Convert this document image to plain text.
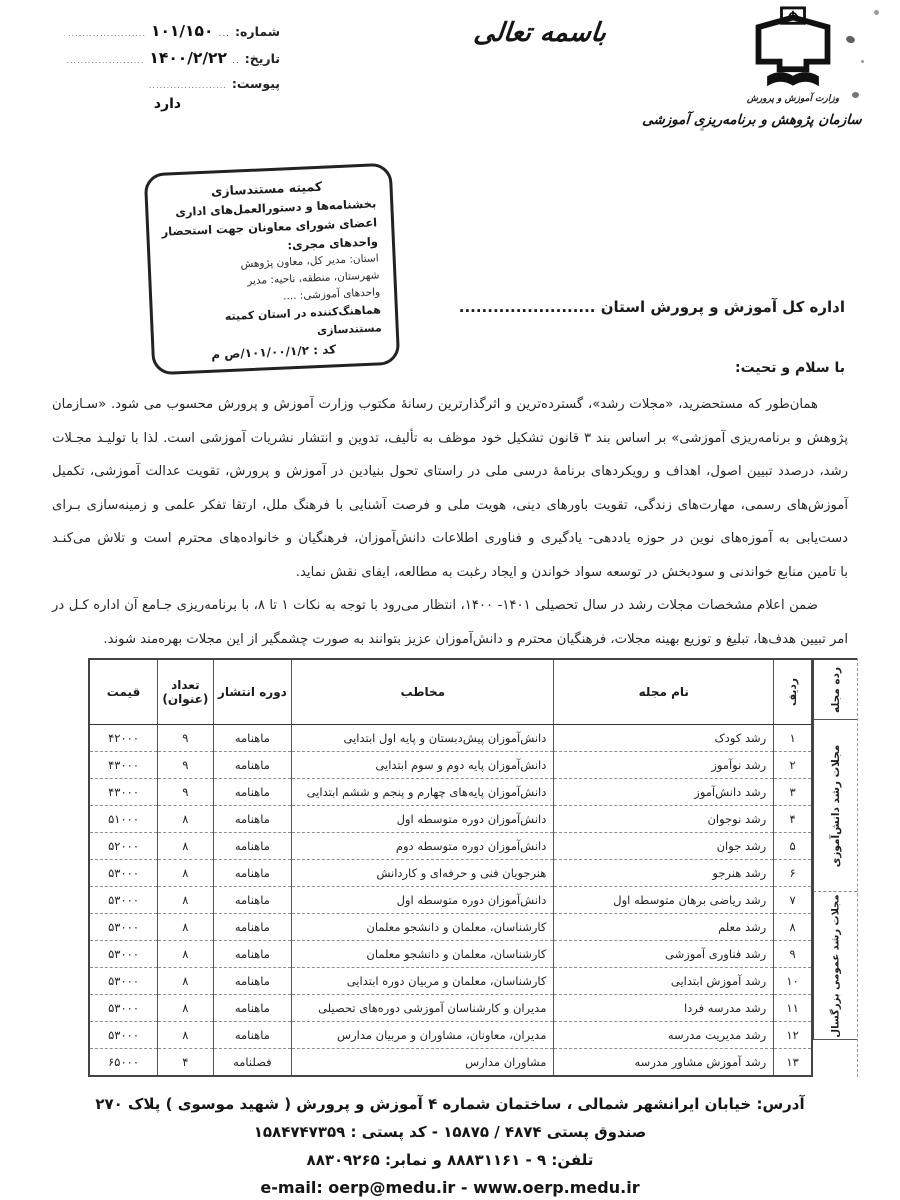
شماره:
...
۱۰۱/۱۵۰
......................
تاریخ:
..
۱۴۰۰/۲/۲۲
......................
پیوست:
......................
دارد
باسمه تعالی
وزارت آموزش و پرورش
سازمان پژوهش و برنامه‌ریزی آموزشی
کمیته مستندسازی
بخشنامه‌ها و دستورالعمل‌های اداری
اعضای شورای معاونان جهت استحضار
واحدهای مجری:
استان: مدیر کل، معاون پژوهش
شهرستان، منطقه، ناحیه: مدیر
واحدهای آموزشی: ....
هماهنگ‌کننده در استان کمیته مستندسازی
کد : ۱۰۱/۰۰/۱/۲/ص م
اداره کل آموزش و پرورش استان ........................
با سلام و تحیت:
همان‌طور که مستحضرید، «مجلات رشد»، گسترده‌ترین و اثرگذارترین رسانهٔ مکتوب وزارت آموزش و پرورش محسوب می شود. «سـازمان
پژوهش و برنامه‌ریزی آموزشی» بر اساس بند ۳ قانون تشکیل خود موظف به تألیف، تدوین و انتشار نشریات آموزشی است. لذا با تولیـد مجـلات
رشد، درصدد تبیین اصول، اهداف و رویکردهای برنامهٔ درسی ملی در راستای تحول بنیادین در آموزش و پرورش، تقویت عدالت آموزشی، تکمیل
آموزش‌های رسمی، مهارت‌های زندگی، تقویت باورهای دینی، هویت ملی و فرصت آشنایی با فرهنگ ملل، ارتقا تفکر علمی و زمینه‌سازی بـرای
دست‌یابی به آموزه‌های نوین در حوزه یاددهی- یادگیری و فناوری اطلاعات دانش‌آموزان، فرهنگیان و خانواده‌های محترم است و تلاش می‌کنـد
با تامین منابع خواندنی و سودبخش در توسعه سواد خواندن و ایجاد رغبت به مطالعه، ایفای نقش نماید.
ضمن اعلام مشخصات مجلات رشد در سال تحصیلی ۱۴۰۱- ۱۴۰۰، انتظار می‌رود با توجه به نکات ۱ تا ۸، با برنامه‌ریزی جـامع آن اداره کـل در
امر تبیین هدف‌ها، تبلیغ و توزیع بهینه مجلات، فرهنگیان محترم و دانش‌آموزان عزیز بتوانند به صورت چشمگیر از این مجلات بهره‌مند شوند.
رده مجله
مجلات رشد دانش‌آموزی
مجلات رشد عمومی بزرگسال
ردیف	نام مجله	مخاطب	دوره انتشار	تعداد (عنوان)	قیمت
۱	رشد کودک	دانش‌آموزان پیش‌دبستان و پایه اول ابتدایی	ماهنامه	۹	۴۲۰۰۰
۲	رشد نوآموز	دانش‌آموزان پایه دوم و سوم ابتدایی	ماهنامه	۹	۴۳۰۰۰
۳	رشد دانش‌آموز	دانش‌آموزان پایه‌های چهارم و پنجم و ششم ابتدایی	ماهنامه	۹	۴۳۰۰۰
۴	رشد نوجوان	دانش‌آموزان دوره متوسطه اول	ماهنامه	۸	۵۱۰۰۰
۵	رشد جوان	دانش‌آموزان دوره متوسطه دوم	ماهنامه	۸	۵۲۰۰۰
۶	رشد هنرجو	هنرجویان فنی و حرفه‌ای و کاردانش	ماهنامه	۸	۵۳۰۰۰
۷	رشد ریاضی برهان متوسطه اول	دانش‌آموزان دوره متوسطه اول	ماهنامه	۸	۵۳۰۰۰
۸	رشد معلم	کارشناسان، معلمان و دانشجو معلمان	ماهنامه	۸	۵۳۰۰۰
۹	رشد فناوری آموزشی	کارشناسان، معلمان و دانشجو معلمان	ماهنامه	۸	۵۳۰۰۰
۱۰	رشد آموزش ابتدایی	کارشناسان، معلمان و مربیان دوره ابتدایی	ماهنامه	۸	۵۳۰۰۰
۱۱	رشد مدرسه فردا	مدیران و کارشناسان آموزشی دوره‌های تحصیلی	ماهنامه	۸	۵۳۰۰۰
۱۲	رشد مدیریت مدرسه	مدیران، معاونان، مشاوران و مربیان مدارس	ماهنامه	۸	۵۳۰۰۰
۱۳	رشد آموزش مشاور مدرسه	مشاوران مدارس	فصلنامه	۴	۶۵۰۰۰
آدرس: خیابان ایرانشهر شمالی ، ساختمان شماره ۴ آموزش و پرورش ( شهید موسوی ) پلاک ۲۷۰
صندوق پستی ۴۸۷۴ / ۱۵۸۷۵ - کد پستی : ۱۵۸۴۷۴۷۳۵۹
تلفن: ۹ - ۸۸۸۳۱۱۶۱ و نمابر: ۸۸۳۰۹۲۶۵
e-mail: oerp@medu.ir - www.oerp.medu.ir
